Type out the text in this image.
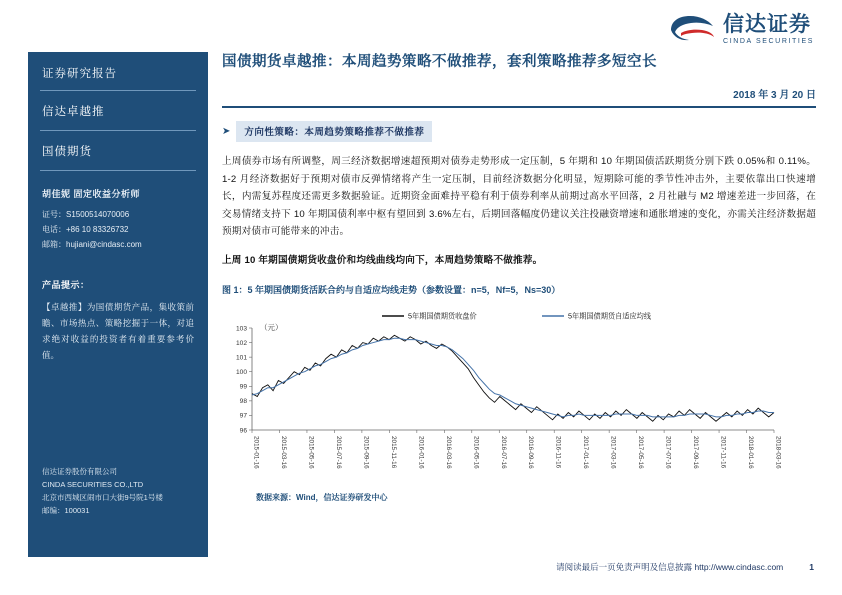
信达证券
CINDA SECURITIES
证券研究报告
信达卓越推
国债期货
胡佳妮 固定收益分析师
证号：S1500514070006
电话：+86 10 83326732
邮箱：hujiani@cindasc.com
产品提示：
【卓越推】为国债期货产品，集收策前瞻、市场热点、策略挖掘于一体，对追求绝对收益的投资者有着重要参考价值。
信达证券股份有限公司
CINDA SECURITIES CO.,LTD
北京市西城区闹市口大街9号院1号楼
邮编：100031
国债期货卓越推：本周趋势策略不做推荐，套利策略推荐多短空长
2018 年 3 月 20 日
➤	方向性策略：本周趋势策略推荐不做推荐
上周债券市场有所调整，周三经济数据增速超预期对债券走势形成一定压制，5 年期和 10 年期国债活跃期货分别下跌 0.05%和 0.11%。1-2 月经济数据好于预期对债市反弹情绪将产生一定压制，目前经济数据分化明显，短期除可能的季节性冲击外，主要依靠出口快速增长，内需复苏程度还需更多数据验证。近期资金面难持平稳有利于债券利率从前期过高水平回落，2 月社融与 M2 增速差进一步回落，在交易情绪支持下 10 年期国债利率中枢有望回到 3.6%左右，后期回落幅度仍建议关注投融资增速和通胀增速的变化，亦需关注经济数据超预期对债市可能带来的冲击。
上周 10 年期国债期货收盘价和均线曲线均向下，本周趋势策略不做推荐。
图 1：5 年期国债期货活跃合约与自适应均线走势（参数设置：n=5，Nf=5，Ns=30）
96
97
98
99
100
101
102
103 （元）
2015-01-16	2015-03-16	2015-05-16	2015-07-16	2015-09-16	2015-11-16	2016-01-16	2016-03-16	2016-05-16	2016-07-16	2016-09-16	2016-11-16	2017-01-16	2017-03-16	2017-05-16	2017-07-16	2017-09-16	2017-11-16	2018-01-16	2018-03-16
5年期国债期货收盘价	5年期国债期货自适应均线
数据来源：Wind，信达证券研发中心
请阅读最后一页免责声明及信息披露 http://www.cindasc.com	1
